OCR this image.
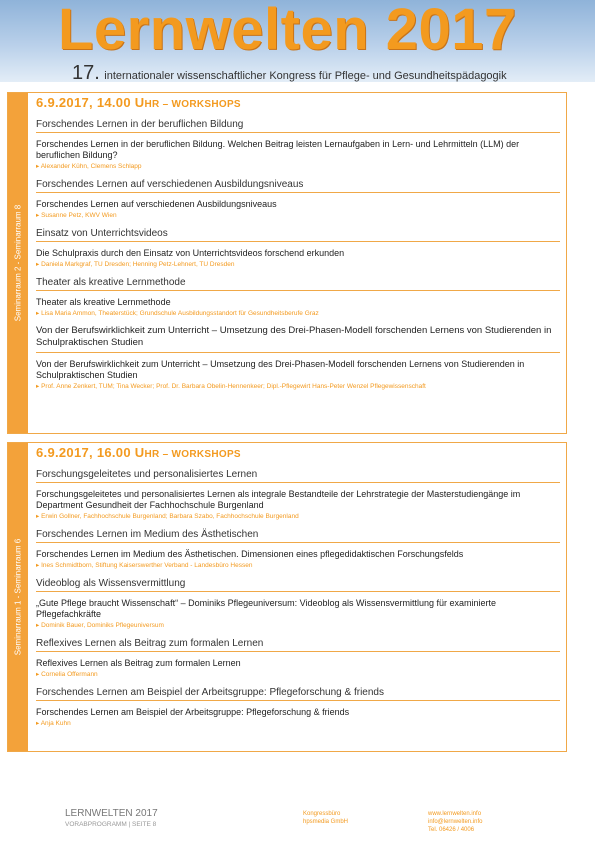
Lernwelten 2017
17. internationaler wissenschaftlicher Kongress für Pflege- und Gesundheitspädagogik
Seminarraum 2 - Seminarraum 8
6.9.2017, 14.00 UHR – WORKSHOPS
Forschendes Lernen in der beruflichen Bildung
Forschendes Lernen in der beruflichen Bildung. Welchen Beitrag leisten Lernaufgaben in Lern- und Lehrmitteln (LLM) der beruflichen Bildung?
▸ Alexander Kühn, Clemens Schlapp
Forschendes Lernen auf verschiedenen Ausbildungsniveaus
Forschendes Lernen auf verschiedenen Ausbildungsniveaus
▸ Susanne Petz, KWV Wien
Einsatz von Unterrichtsvideos
Die Schulpraxis durch den Einsatz von Unterrichtsvideos forschend erkunden
▸ Daniela Markgraf, TU Dresden; Henning Petz-Lehnert, TU Dresden
Theater als kreative Lernmethode
Theater als kreative Lernmethode
▸ Lisa Maria Ammon, Theaterstück; Grundschule Ausbildungsstandort für Gesundheitsberufe Graz
Von der Berufswirklichkeit zum Unterricht – Umsetzung des Drei-Phasen-Modell forschenden Lernens von Studierenden in Schulpraktischen Studien
Von der Berufswirklichkeit zum Unterricht – Umsetzung des Drei-Phasen-Modell forschenden Lernens von Studierenden in Schulpraktischen Studien
▸ Prof. Anne Zenkert, TUM; Tina Wecker; Prof. Dr. Barbara Obelin-Hennenkeer; Dipl.-Pflegewirt Hans-Peter Wenzel Pflegewissenschaft
Seminarraum 1 - Seminarraum 6
6.9.2017, 16.00 UHR – WORKSHOPS
Forschungsgeleitetes und personalisiertes Lernen
Forschungsgeleitetes und personalisiertes Lernen als integrale Bestandteile der Lehrstrategie der Masterstudiengänge im Department Gesundheit der Fachhochschule Burgenland
▸ Erwin Gollner, Fachhochschule Burgenland; Barbara Szabo, Fachhochschule Burgenland
Forschendes Lernen im Medium des Ästhetischen
Forschendes Lernen im Medium des Ästhetischen. Dimensionen eines pflegedidaktischen Forschungsfelds
▸ Ines Schmidtborn, Stiftung Kaiserswerther Verband - Landesbüro Hessen
Videoblog als Wissensvermittlung
„Gute Pflege braucht Wissenschaft“ – Dominiks Pflegeuniversum: Videoblog als Wissensvermittlung für examinierte Pflegefachkräfte
▸ Dominik Bauer, Dominiks Pflegeuniversum
Reflexives Lernen als Beitrag zum formalen Lernen
Reflexives Lernen als Beitrag zum formalen Lernen
▸ Cornelia Offermann
Forschendes Lernen am Beispiel der Arbeitsgruppe: Pflegeforschung & friends
Forschendes Lernen am Beispiel der Arbeitsgruppe: Pflegeforschung & friends
▸ Anja Kuhn
LERNWELTEN 2017
VORABPROGRAMM | SEITE 8
Kongressbüro
hpsmedia GmbH
www.lernwelten.info
info@lernwelten.info
Tel. 06426 / 4006
